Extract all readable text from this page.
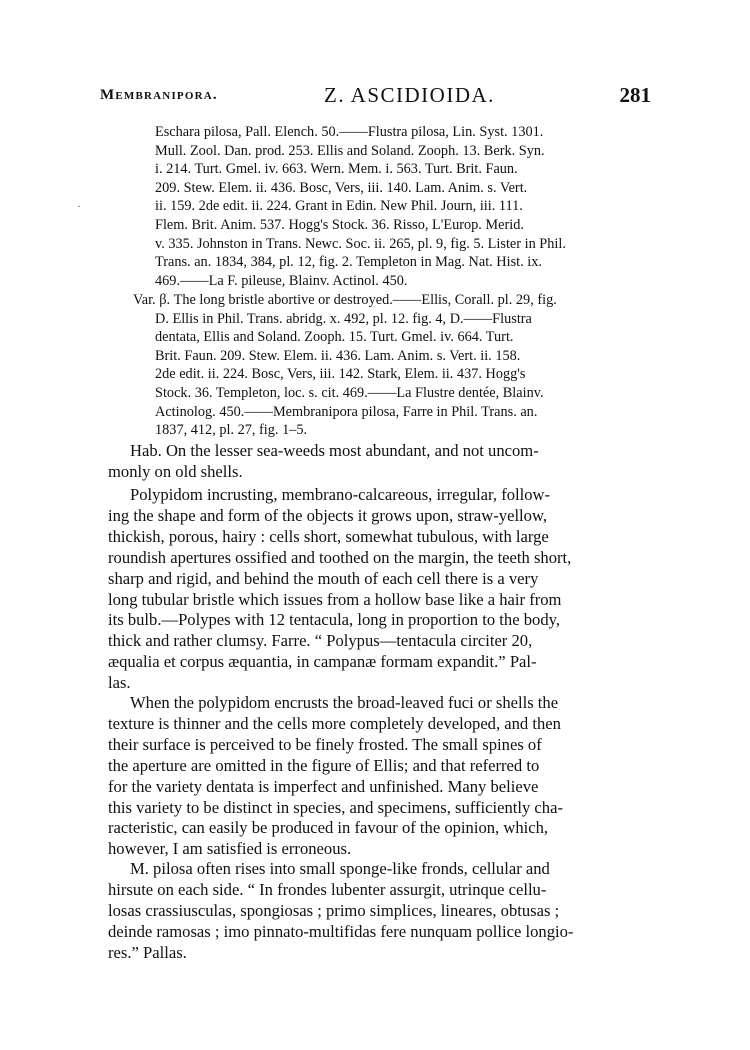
Membranipora.	Z. ASCIDIOIDA.	281
·
Eschara pilosa, Pall. Elench. 50.——Flustra pilosa, Lin. Syst. 1301.
Mull. Zool. Dan. prod. 253. Ellis and Soland. Zooph. 13. Berk. Syn.
i. 214. Turt. Gmel. iv. 663. Wern. Mem. i. 563. Turt. Brit. Faun.
209. Stew. Elem. ii. 436. Bosc, Vers, iii. 140. Lam. Anim. s. Vert.
ii. 159. 2de edit. ii. 224. Grant in Edin. New Phil. Journ, iii. 111.
Flem. Brit. Anim. 537. Hogg's Stock. 36. Risso, L'Europ. Merid.
v. 335. Johnston in Trans. Newc. Soc. ii. 265, pl. 9, fig. 5. Lister in Phil.
Trans. an. 1834, 384, pl. 12, fig. 2. Templeton in Mag. Nat. Hist. ix.
469.——La F. pileuse, Blainv. Actinol. 450.
Var. β. The long bristle abortive or destroyed.——Ellis, Corall. pl. 29, fig.
D. Ellis in Phil. Trans. abridg. x. 492, pl. 12. fig. 4, D.——Flustra
dentata, Ellis and Soland. Zooph. 15. Turt. Gmel. iv. 664. Turt.
Brit. Faun. 209. Stew. Elem. ii. 436. Lam. Anim. s. Vert. ii. 158.
2de edit. ii. 224. Bosc, Vers, iii. 142. Stark, Elem. ii. 437. Hogg's
Stock. 36. Templeton, loc. s. cit. 469.——La Flustre dentée, Blainv.
Actinolog. 450.——Membranipora pilosa, Farre in Phil. Trans. an.
1837, 412, pl. 27, fig. 1–5.
Hab. On the lesser sea-weeds most abundant, and not uncom-
monly on old shells.
Polypidom incrusting, membrano-calcareous, irregular, follow-
ing the shape and form of the objects it grows upon, straw-yellow,
thickish, porous, hairy : cells short, somewhat tubulous, with large
roundish apertures ossified and toothed on the margin, the teeth short,
sharp and rigid, and behind the mouth of each cell there is a very
long tubular bristle which issues from a hollow base like a hair from
its bulb.—Polypes with 12 tentacula, long in proportion to the body,
thick and rather clumsy. Farre. “ Polypus—tentacula circiter 20,
æqualia et corpus æquantia, in campanæ formam expandit.” Pal-
las.
When the polypidom encrusts the broad-leaved fuci or shells the
texture is thinner and the cells more completely developed, and then
their surface is perceived to be finely frosted. The small spines of
the aperture are omitted in the figure of Ellis; and that referred to
for the variety dentata is imperfect and unfinished. Many believe
this variety to be distinct in species, and specimens, sufficiently cha-
racteristic, can easily be produced in favour of the opinion, which,
however, I am satisfied is erroneous.
M. pilosa often rises into small sponge-like fronds, cellular and
hirsute on each side. “ In frondes lubenter assurgit, utrinque cellu-
losas crassiusculas, spongiosas ; primo simplices, lineares, obtusas ;
deinde ramosas ; imo pinnato-multifidas fere nunquam pollice longio-
res.” Pallas.
